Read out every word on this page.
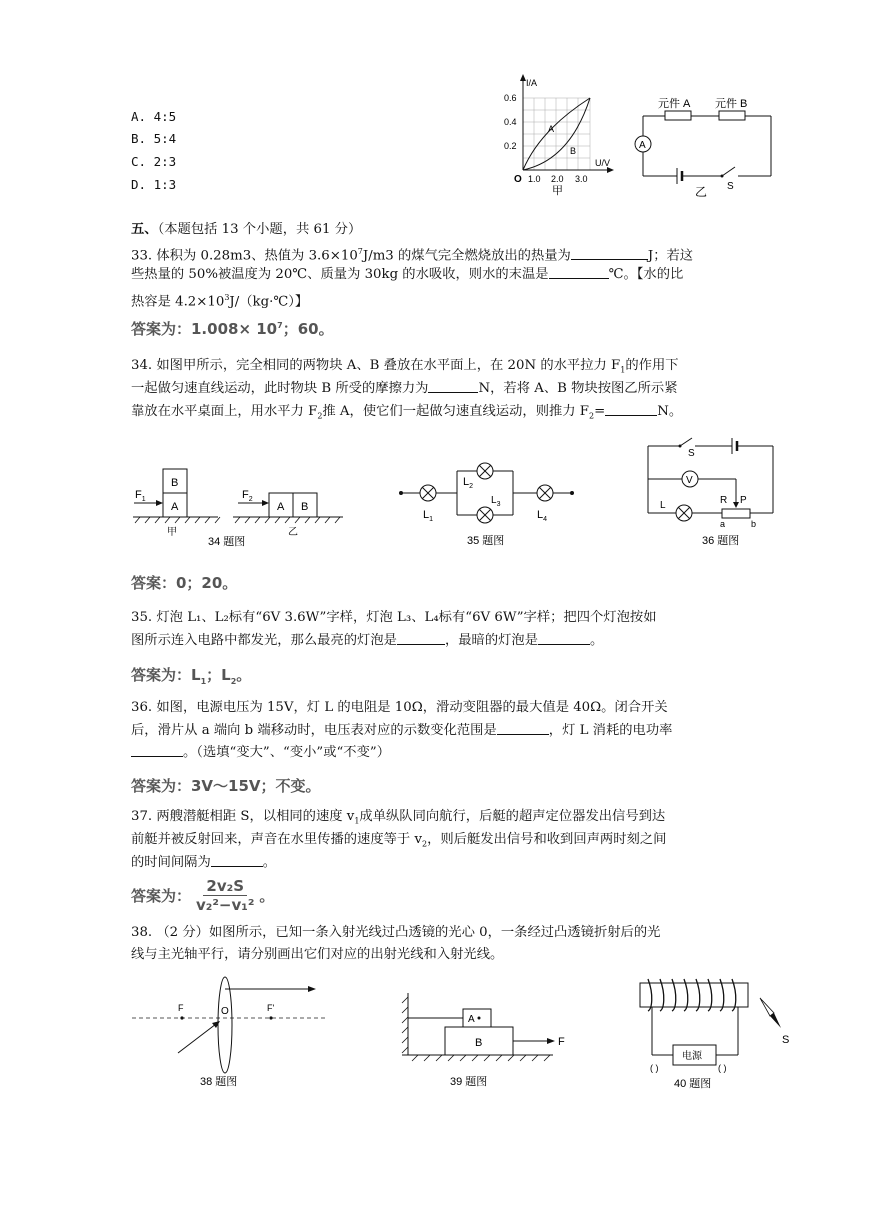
A. 4:5
B. 5:4
C. 2:3
D. 1:3
I/A
U/V
0.6
0.4
0.2
1.0 2.0 3.0
O
A
B
甲
元件 A 元件 B
A
S
乙
五、（本题包括 13 个小题，共 61 分）
33. 体积为 0.28m3、热值为 $3.6\times 10^7J/m3$ 的煤气完全燃烧放出的热量为	J；若这
些热量的 50%被温度为 20℃、质量为 30kg 的水吸收，则水的末温是	℃。【水的比
热容是 $4.2\times 10^3J/(kg\cdot℃)$】
答案为：$1.008\times 10^7$；60。
34. 如图甲所示，完全相同的两物块 A、B 叠放在水平面上，在 20N 的水平拉力 $F_1$的作用下
一起做匀速直线运动，此时物块 B 所受的摩擦力为	N，若将 A、B 物块按图乙所示紧
靠放在水平桌面上，用水平力 $F_2$推 A，使它们一起做匀速直线运动，则推力 $F_2=$	N。
B
A
$F_1$
甲
A B
$F_2$
乙
34 题图
$L_1$
$L_2$
$L_3$
$L_4$
35 题图
S
V
L	R P
a	b
36 题图
答案：0；20。
35. 灯泡 L₁、L₂标有“6V 3.6W”字样，灯泡 L₃、L₄标有“6V 6W”字样；把四个灯泡按如
图所示连入电路中都发光，那么最亮的灯泡是	，最暗的灯泡是	。
答案为：$L_1$；$L_2$。
36. 如图，电源电压为 15V，灯 L 的电阻是 10Ω，滑动变阻器的最大值是 40Ω。闭合开关
后，滑片从 a 端向 b 端移动时，电压表对应的示数变化范围是	，灯 L 消耗的电功率
。（选填“变大”、“变小”或“不变”）
答案为：3V～15V；不变。
37. 两艘潜艇相距 S，以相同的速度 $v_1$成单纵队同向航行，后艇的超声定位器发出信号到达
前艇并被反射回来，声音在水里传播的速度等于 $v_2$，则后艇发出信号和收到回声两时刻之间
的时间间隔为	。
答案为： $\frac{\text{2v₂S}}{\text{v₂²−v₁²}}$ 。
38. （2 分）如图所示，已知一条入射光线过凸透镜的光心 0，一条经过凸透镜折射后的光
线与主光轴平行，请分别画出它们对应的出射光线和入射光线。
F	O	F'
38 题图
A
B	F
39 题图
电源
( )	( )
S
40 题图
